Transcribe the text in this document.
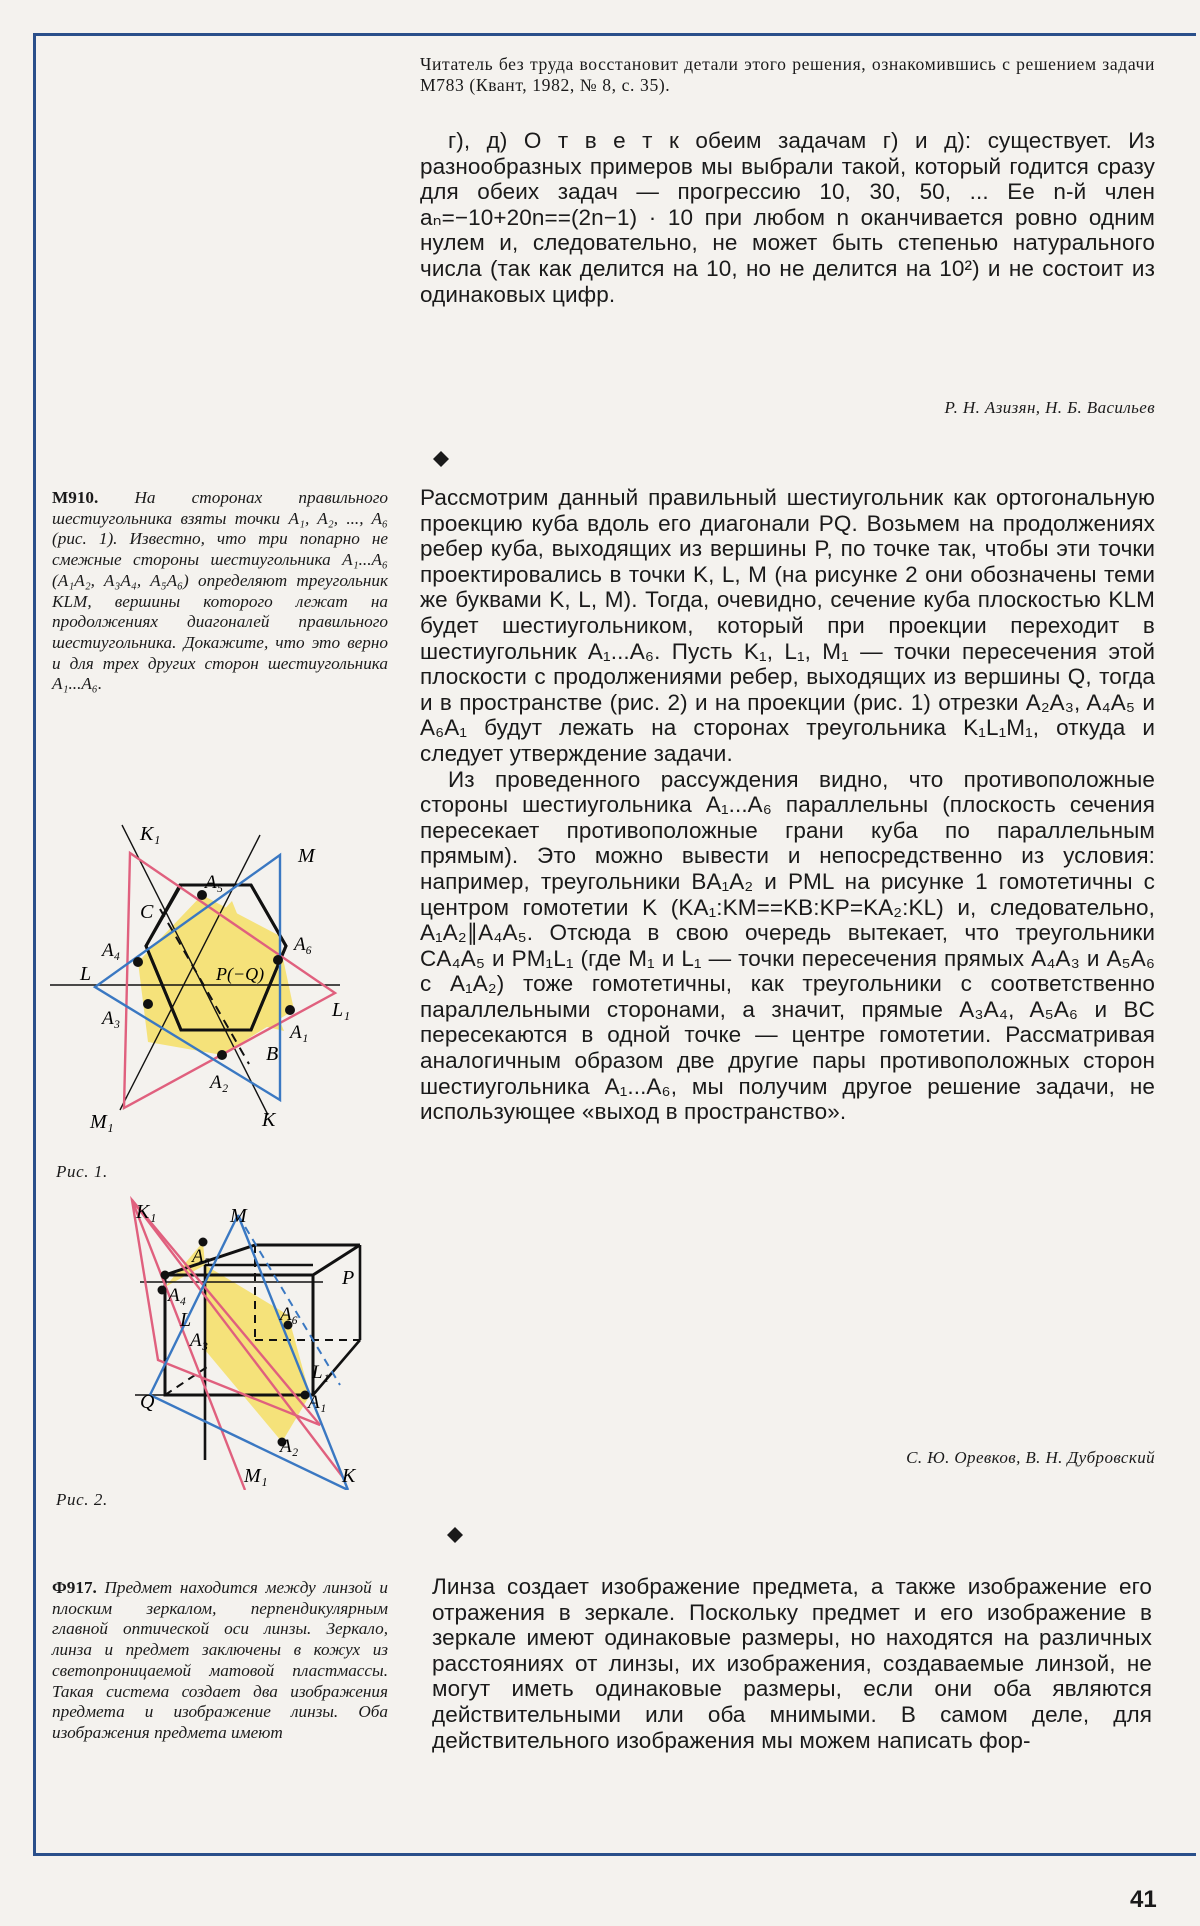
Читатель без труда восстановит детали этого решения, ознакомившись с решением задачи М783 (Квант, 1982, № 8, с. 35).

г), д) О т в е т к обеим задачам г) и д): существует. Из разнообразных примеров мы выбрали такой, который годится сразу для обеих задач — прогрессию 10, 30, 50, ... Ее n-й член aₙ=−10+20n==(2n−1) · 10 при любом n оканчивается ровно одним нулем и, следовательно, не может быть степенью натурального числа (так как делится на 10, но не делится на 10²) и не состоит из одинаковых цифр.

Р. Н. Азизян, Н. Б. Васильев
М910. На сторонах правильного шестиугольника взяты точки A₁, A₂, ..., A₆ (рис. 1). Известно, что три попарно не смежные стороны шестиугольника A₁...A₆ (A₁A₂, A₃A₄, A₅A₆) определяют треугольник KLM, вершины которого лежат на продолжениях диагоналей правильного шестиугольника. Докажите, что это верно и для трех других сторон шестиугольника A₁...A₆.

Рассмотрим данный правильный шестиугольник как ортогональную проекцию куба вдоль его диагонали PQ. Возьмем на продолжениях ребер куба, выходящих из вершины P, по точке так, чтобы эти точки проектировались в точки K, L, M (на рисунке 2 они обозначены теми же буквами K, L, M). Тогда, очевидно, сечение куба плоскостью KLM будет шестиугольником, который при проекции переходит в шестиугольник A₁...A₆. Пусть K₁, L₁, M₁ — точки пересечения этой плоскости с продолжениями ребер, выходящих из вершины Q, тогда и в пространстве (рис. 2) и на проекции (рис. 1) отрезки A₂A₃, A₄A₅ и A₆A₁ будут лежать на сторонах треугольника K₁L₁M₁, откуда и следует утверждение задачи.

Из проведенного рассуждения видно, что противоположные стороны шестиугольника A₁...A₆ параллельны (плоскость сечения пересекает противоположные грани куба по параллельным прямым). Это можно вывести и непосредственно из условия: например, треугольники BA₁A₂ и PML на рисунке 1 гомотетичны с центром гомотетии K (KA₁:KM==KB:KP=KA₂:KL) и, следовательно, A₁A₂∥A₄A₅. Отсюда в свою очередь вытекает, что треугольники CA₄A₅ и PM₁L₁ (где M₁ и L₁ — точки пересечения прямых A₄A₃ и A₅A₆ с A₁A₂) тоже гомотетичны, как треугольники с соответственно параллельными сторонами, а значит, прямые A₃A₄, A₅A₆ и BC пересекаются в одной точке — центре гомотетии. Рассматривая аналогичным образом две другие пары противоположных сторон шестиугольника A₁...A₆, мы получим другое решение задачи, не использующее «выход в пространство».

С. Ю. Оревков, В. Н. Дубровский
K₁
M
A₅
C
A₄	A₆
L	P(−Q)
L₁
A₃
A₁
B
A₂
M₁	K
Рис. 1.
K₁	M
A₅
A₄
P
L	A₆
A₃
L₁
Q	A₁
A₂
M₁	K
Рис. 2.
Ф917. Предмет находится между линзой и плоским зеркалом, перпендикулярным главной оптической оси линзы. Зеркало, линза и предмет заключены в кожух из светопроницаемой матовой пластмассы. Такая система создает два изображения предмета и изображение линзы. Оба изображения предмета имеют

Линза создает изображение предмета, а также изображение его отражения в зеркале. Поскольку предмет и его изображение в зеркале имеют одинаковые размеры, но находятся на различных расстояниях от линзы, их изображения, создаваемые линзой, не могут иметь одинаковые размеры, если они оба являются действительными или оба мнимыми. В самом деле, для действительного изображения мы можем написать фор-

41
